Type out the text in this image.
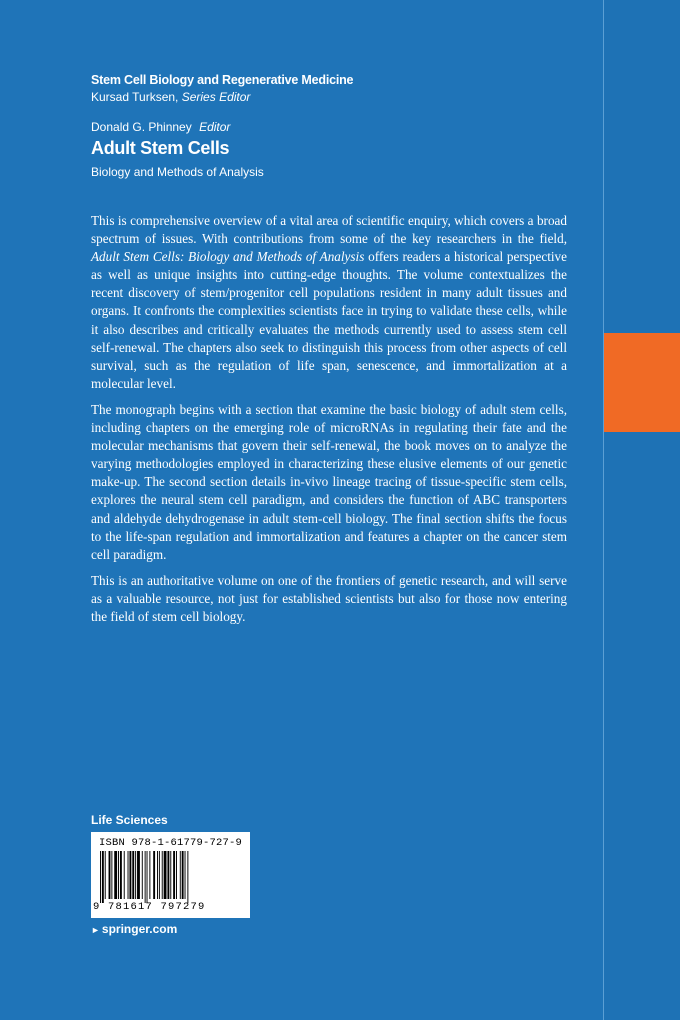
Stem Cell Biology and Regenerative Medicine
Kursad Turksen, Series Editor
Donald G. Phinney Editor
Adult Stem Cells
Biology and Methods of Analysis

This is comprehensive overview of a vital area of scientific enquiry, which covers a broad spectrum of issues. With contributions from some of the key researchers in the field, Adult Stem Cells: Biology and Methods of Analysis offers readers a historical perspective as well as unique insights into cutting-edge thoughts. The volume contextualizes the recent discovery of stem/progenitor cell populations resident in many adult tissues and organs. It confronts the complexities scientists face in trying to validate these cells, while it also describes and critically evaluates the methods currently used to assess stem cell self-renewal. The chapters also seek to distinguish this process from other aspects of cell survival, such as the regulation of life span, senescence, and immortalization at a molecular level.

The monograph begins with a section that examine the basic biology of adult stem cells, including chapters on the emerging role of microRNAs in regulating their fate and the molecular mechanisms that govern their self-renewal, the book moves on to analyze the varying methodologies employed in characterizing these elusive elements of our genetic make-up. The second section details in-vivo lineage tracing of tissue-specific stem cells, explores the neural stem cell paradigm, and considers the function of ABC transporters and aldehyde dehydrogenase in adult stem-cell biology. The final section shifts the focus to the life-span regulation and immortalization and features a chapter on the cancer stem cell paradigm.

This is an authoritative volume on one of the frontiers of genetic research, and will serve as a valuable resource, not just for established scientists but also for those now entering the field of stem cell biology.

Life Sciences
ISBN 978-1-61779-727-9
9 781617 797279
► springer.com
